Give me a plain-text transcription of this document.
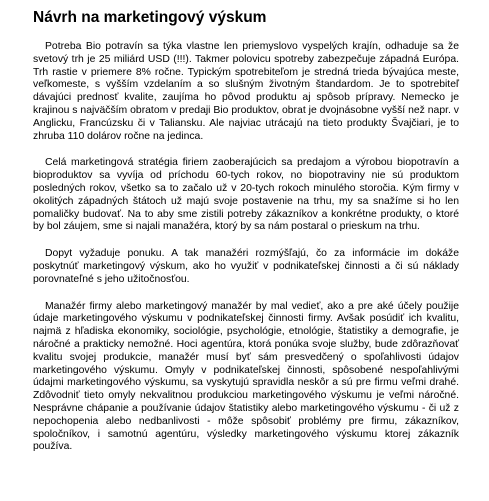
Návrh na marketingový výskum

Potreba Bio potravín sa týka vlastne len priemyslovo vyspelých krajín, odhaduje sa že svetový trh je 25 miliárd USD (!!!). Takmer polovicu spotreby zabezpečuje západná Európa. Trh rastie v priemere 8% ročne. Typickým spotrebiteľom je stredná trieda bývajúca meste, veľkomeste, s vyšším vzdelaním a so slušným životným štandardom. Je to spotrebiteľ dávajúci prednosť kvalite, zaujíma ho pôvod produktu aj spôsob prípravy. Nemecko je krajinou s najväčším obratom v predaji Bio produktov, obrat je dvojnásobne vyšší než napr. v Anglicku, Francúzsku či v Taliansku. Ale najviac utrácajú na tieto produkty Švajčiari, je to zhruba 110 dolárov ročne na jedinca.

Celá marketingová stratégia firiem zaoberajúcich sa predajom a výrobou biopotravín a bioproduktov sa vyvíja od príchodu 60-tych rokov, no biopotraviny nie sú produktom posledných rokov, všetko sa to začalo už v 20-tych rokoch minulého storočia. Kým firmy v okolitých západných štátoch už majú svoje postavenie na trhu, my sa snažíme si ho len pomaličky budovať. Na to aby sme zistili potreby zákazníkov a konkrétne produkty, o ktoré by bol záujem, sme si najali manažéra, ktorý by sa nám postaral o prieskum na trhu.

Dopyt vyžaduje ponuku. A tak manažéri rozmýšľajú, čo za informácie im dokáže poskytnúť marketingový výskum, ako ho využiť v podnikateľskej činnosti a či sú náklady porovnateľné s jeho užitočnosťou.

Manažér firmy alebo marketingový manažér by mal vedieť, ako a pre aké účely použije údaje marketingového výskumu v podnikateľskej činnosti firmy. Avšak posúdiť ich kvalitu, najmä z hľadiska ekonomiky, sociológie, psychológie, etnológie, štatistiky a demografie, je náročné a prakticky nemožné. Hoci agentúra, ktorá ponúka svoje služby, bude zdôrazňovať kvalitu svojej produkcie, manažér musí byť sám presvedčený o spoľahlivosti údajov marketingového výskumu. Omyly v podnikateľskej činnosti, spôsobené nespoľahlivými údajmi marketingového výskumu, sa vyskytujú spravidla neskôr a sú pre firmu veľmi drahé. Zdôvodniť tieto omyly nekvalitnou produkciou marketingového výskumu je veľmi náročné. Nesprávne chápanie a používanie údajov štatistiky alebo marketingového výskumu - či už z nepochopenia alebo nedbanlivosti - môže spôsobiť problémy pre firmu, zákazníkov, spoločníkov, i samotnú agentúru, výsledky marketingového výskumu ktorej zákazník používa.
